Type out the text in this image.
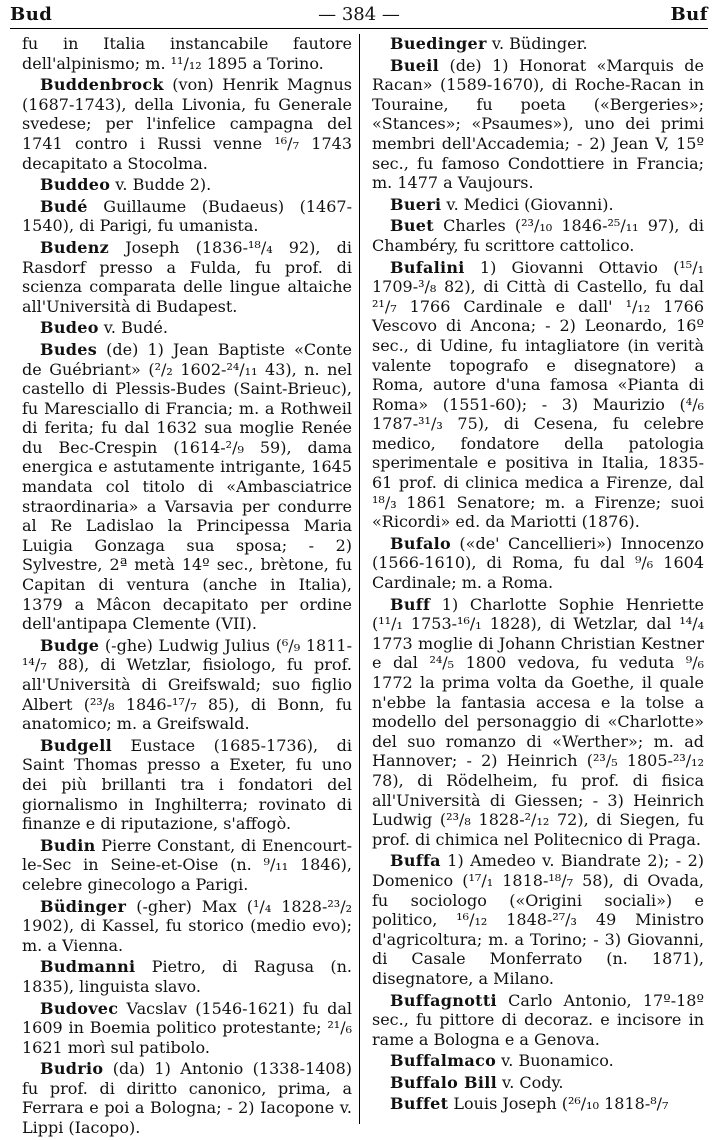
— 384 —
Bud	Buf

fu in Italia instancabile fautore dell'alpinismo; m. ¹¹/₁₂ 1895 a Torino.

Buddenbrock (von) Henrik Magnus (1687-1743), della Livonia, fu Generale svedese; per l'infelice campagna del 1741 contro i Russi venne ¹⁶/₇ 1743 decapitato a Stocolma.

Buddeo v. Budde 2).

Budé Guillaume (Budaeus) (1467-1540), di Parigi, fu umanista.

Budenz Joseph (1836-¹⁸/₄ 92), di Rasdorf presso a Fulda, fu prof. di scienza comparata delle lingue altaiche all'Università di Budapest.

Budeo v. Budé.

Budes (de) 1) Jean Baptiste «Conte de Guébriant» (²/₂ 1602-²⁴/₁₁ 43), n. nel castello di Plessis-Budes (Saint-Brieuc), fu Maresciallo di Francia; m. a Rothweil di ferita; fu dal 1632 sua moglie Renée du Bec-Crespin (1614-²/₉ 59), dama energica e astutamente intrigante, 1645 mandata col titolo di «Ambasciatrice straordinaria» a Varsavia per condurre al Re Ladislao la Principessa Maria Luigia Gonzaga sua sposa; - 2) Sylvestre, 2ª metà 14º sec., brètone, fu Capitan di ventura (anche in Italia), 1379 a Mâcon decapitato per ordine dell'antipapa Clemente (VII).

Budge (-ghe) Ludwig Julius (⁶/₉ 1811-¹⁴/₇ 88), di Wetzlar, fisiologo, fu prof. all'Università di Greifswald; suo figlio Albert (²³/₈ 1846-¹⁷/₇ 85), di Bonn, fu anatomico; m. a Greifswald.

Budgell Eustace (1685-1736), di Saint Thomas presso a Exeter, fu uno dei più brillanti tra i fondatori del giornalismo in Inghilterra; rovinato di finanze e di riputazione, s'affogò.

Budin Pierre Constant, di Enencourt-le-Sec in Seine-et-Oise (n. ⁹/₁₁ 1846), celebre ginecologo a Parigi.

Büdinger (-gher) Max (¹/₄ 1828-²³/₂ 1902), di Kassel, fu storico (medio evo); m. a Vienna.

Budmanni Pietro, di Ragusa (n. 1835), linguista slavo.

Budovec Vacslav (1546-1621) fu dal 1609 in Boemia politico protestante; ²¹/₆ 1621 morì sul patibolo.

Budrio (da) 1) Antonio (1338-1408) fu prof. di diritto canonico, prima, a Ferrara e poi a Bologna; - 2) Iacopone v. Lippi (Iacopo).

Buedinger v. Büdinger.

Bueil (de) 1) Honorat «Marquis de Racan» (1589-1670), di Roche-Racan in Touraine, fu poeta («Bergeries»; «Stances»; «Psaumes»), uno dei primi membri dell'Accademia; - 2) Jean V, 15º sec., fu famoso Condottiere in Francia; m. 1477 a Vaujours.

Bueri v. Medici (Giovanni).

Buet Charles (²³/₁₀ 1846-²⁵/₁₁ 97), di Chambéry, fu scrittore cattolico.

Bufalini 1) Giovanni Ottavio (¹⁵/₁ 1709-³/₈ 82), di Città di Castello, fu dal ²¹/₇ 1766 Cardinale e dall' ¹/₁₂ 1766 Vescovo di Ancona; - 2) Leonardo, 16º sec., di Udine, fu intagliatore (in verità valente topografo e disegnatore) a Roma, autore d'una famosa «Pianta di Roma» (1551-60); - 3) Maurizio (⁴/₆ 1787-³¹/₃ 75), di Cesena, fu celebre medico, fondatore della patologia sperimentale e positiva in Italia, 1835-61 prof. di clinica medica a Firenze, dal ¹⁸/₃ 1861 Senatore; m. a Firenze; suoi «Ricordi» ed. da Mariotti (1876).

Bufalo («de' Cancellieri») Innocenzo (1566-1610), di Roma, fu dal ⁹/₆ 1604 Cardinale; m. a Roma.

Buff 1) Charlotte Sophie Henriette (¹¹/₁ 1753-¹⁶/₁ 1828), di Wetzlar, dal ¹⁴/₄ 1773 moglie di Johann Christian Kestner e dal ²⁴/₅ 1800 vedova, fu veduta ⁹/₆ 1772 la prima volta da Goethe, il quale n'ebbe la fantasia accesa e la tolse a modello del personaggio di «Charlotte» del suo romanzo di «Werther»; m. ad Hannover; - 2) Heinrich (²³/₅ 1805-²³/₁₂ 78), di Rödelheim, fu prof. di fisica all'Università di Giessen; - 3) Heinrich Ludwig (²³/₈ 1828-²/₁₂ 72), di Siegen, fu prof. di chimica nel Politecnico di Praga.

Buffa 1) Amedeo v. Biandrate 2); - 2) Domenico (¹⁷/₁ 1818-¹⁸/₇ 58), di Ovada, fu sociologo («Origini sociali») e politico, ¹⁶/₁₂ 1848-²⁷/₃ 49 Ministro d'agricoltura; m. a Torino; - 3) Giovanni, di Casale Monferrato (n. 1871), disegnatore, a Milano.

Buffagnotti Carlo Antonio, 17º-18º sec., fu pittore di decoraz. e incisore in rame a Bologna e a Genova.

Buffalmaco v. Buonamico.

Buffalo Bill v. Cody.

Buffet Louis Joseph (²⁶/₁₀ 1818-⁸/₇
